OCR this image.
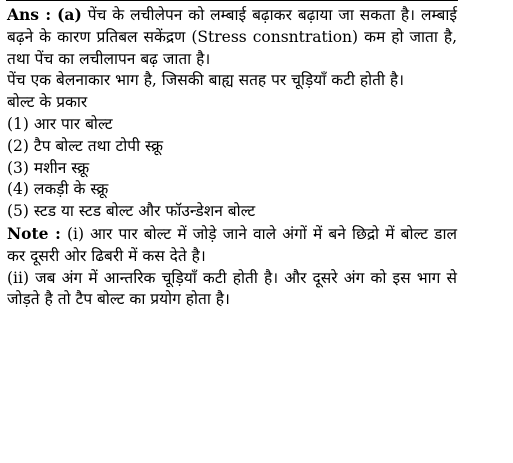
Ans : (a) पेंच के लचीलेपन को लम्बाई बढ़ाकर बढ़ाया जा सकता है। लम्बाई बढ़ने के कारण प्रतिबल सकेंद्रण (Stress consntration) कम हो जाता है, तथा पेंच का लचीलापन बढ़ जाता है।

पेंच एक बेलनाकार भाग है, जिसकी बाह्य सतह पर चूड़ियाँ कटी होती है।

बोल्ट के प्रकार

(1) आर पार बोल्ट

(2) टैप बोल्ट तथा टोपी स्क्रू

(3) मशीन स्क्रू

(4) लकड़ी के स्क्रू

(5) स्टड या स्टड बोल्ट और फॉउन्डेशन बोल्ट

Note : (i) आर पार बोल्ट में जोड़े जाने वाले अंगों में बने छिद्रो में बोल्ट डाल कर दूसरी ओर ढिबरी में कस देते है।

(ii) जब अंग में आन्तरिक चूड़ियाँ कटी होती है। और दूसरे अंग को इस भाग से जोड़ते है तो टैप बोल्ट का प्रयोग होता है।
